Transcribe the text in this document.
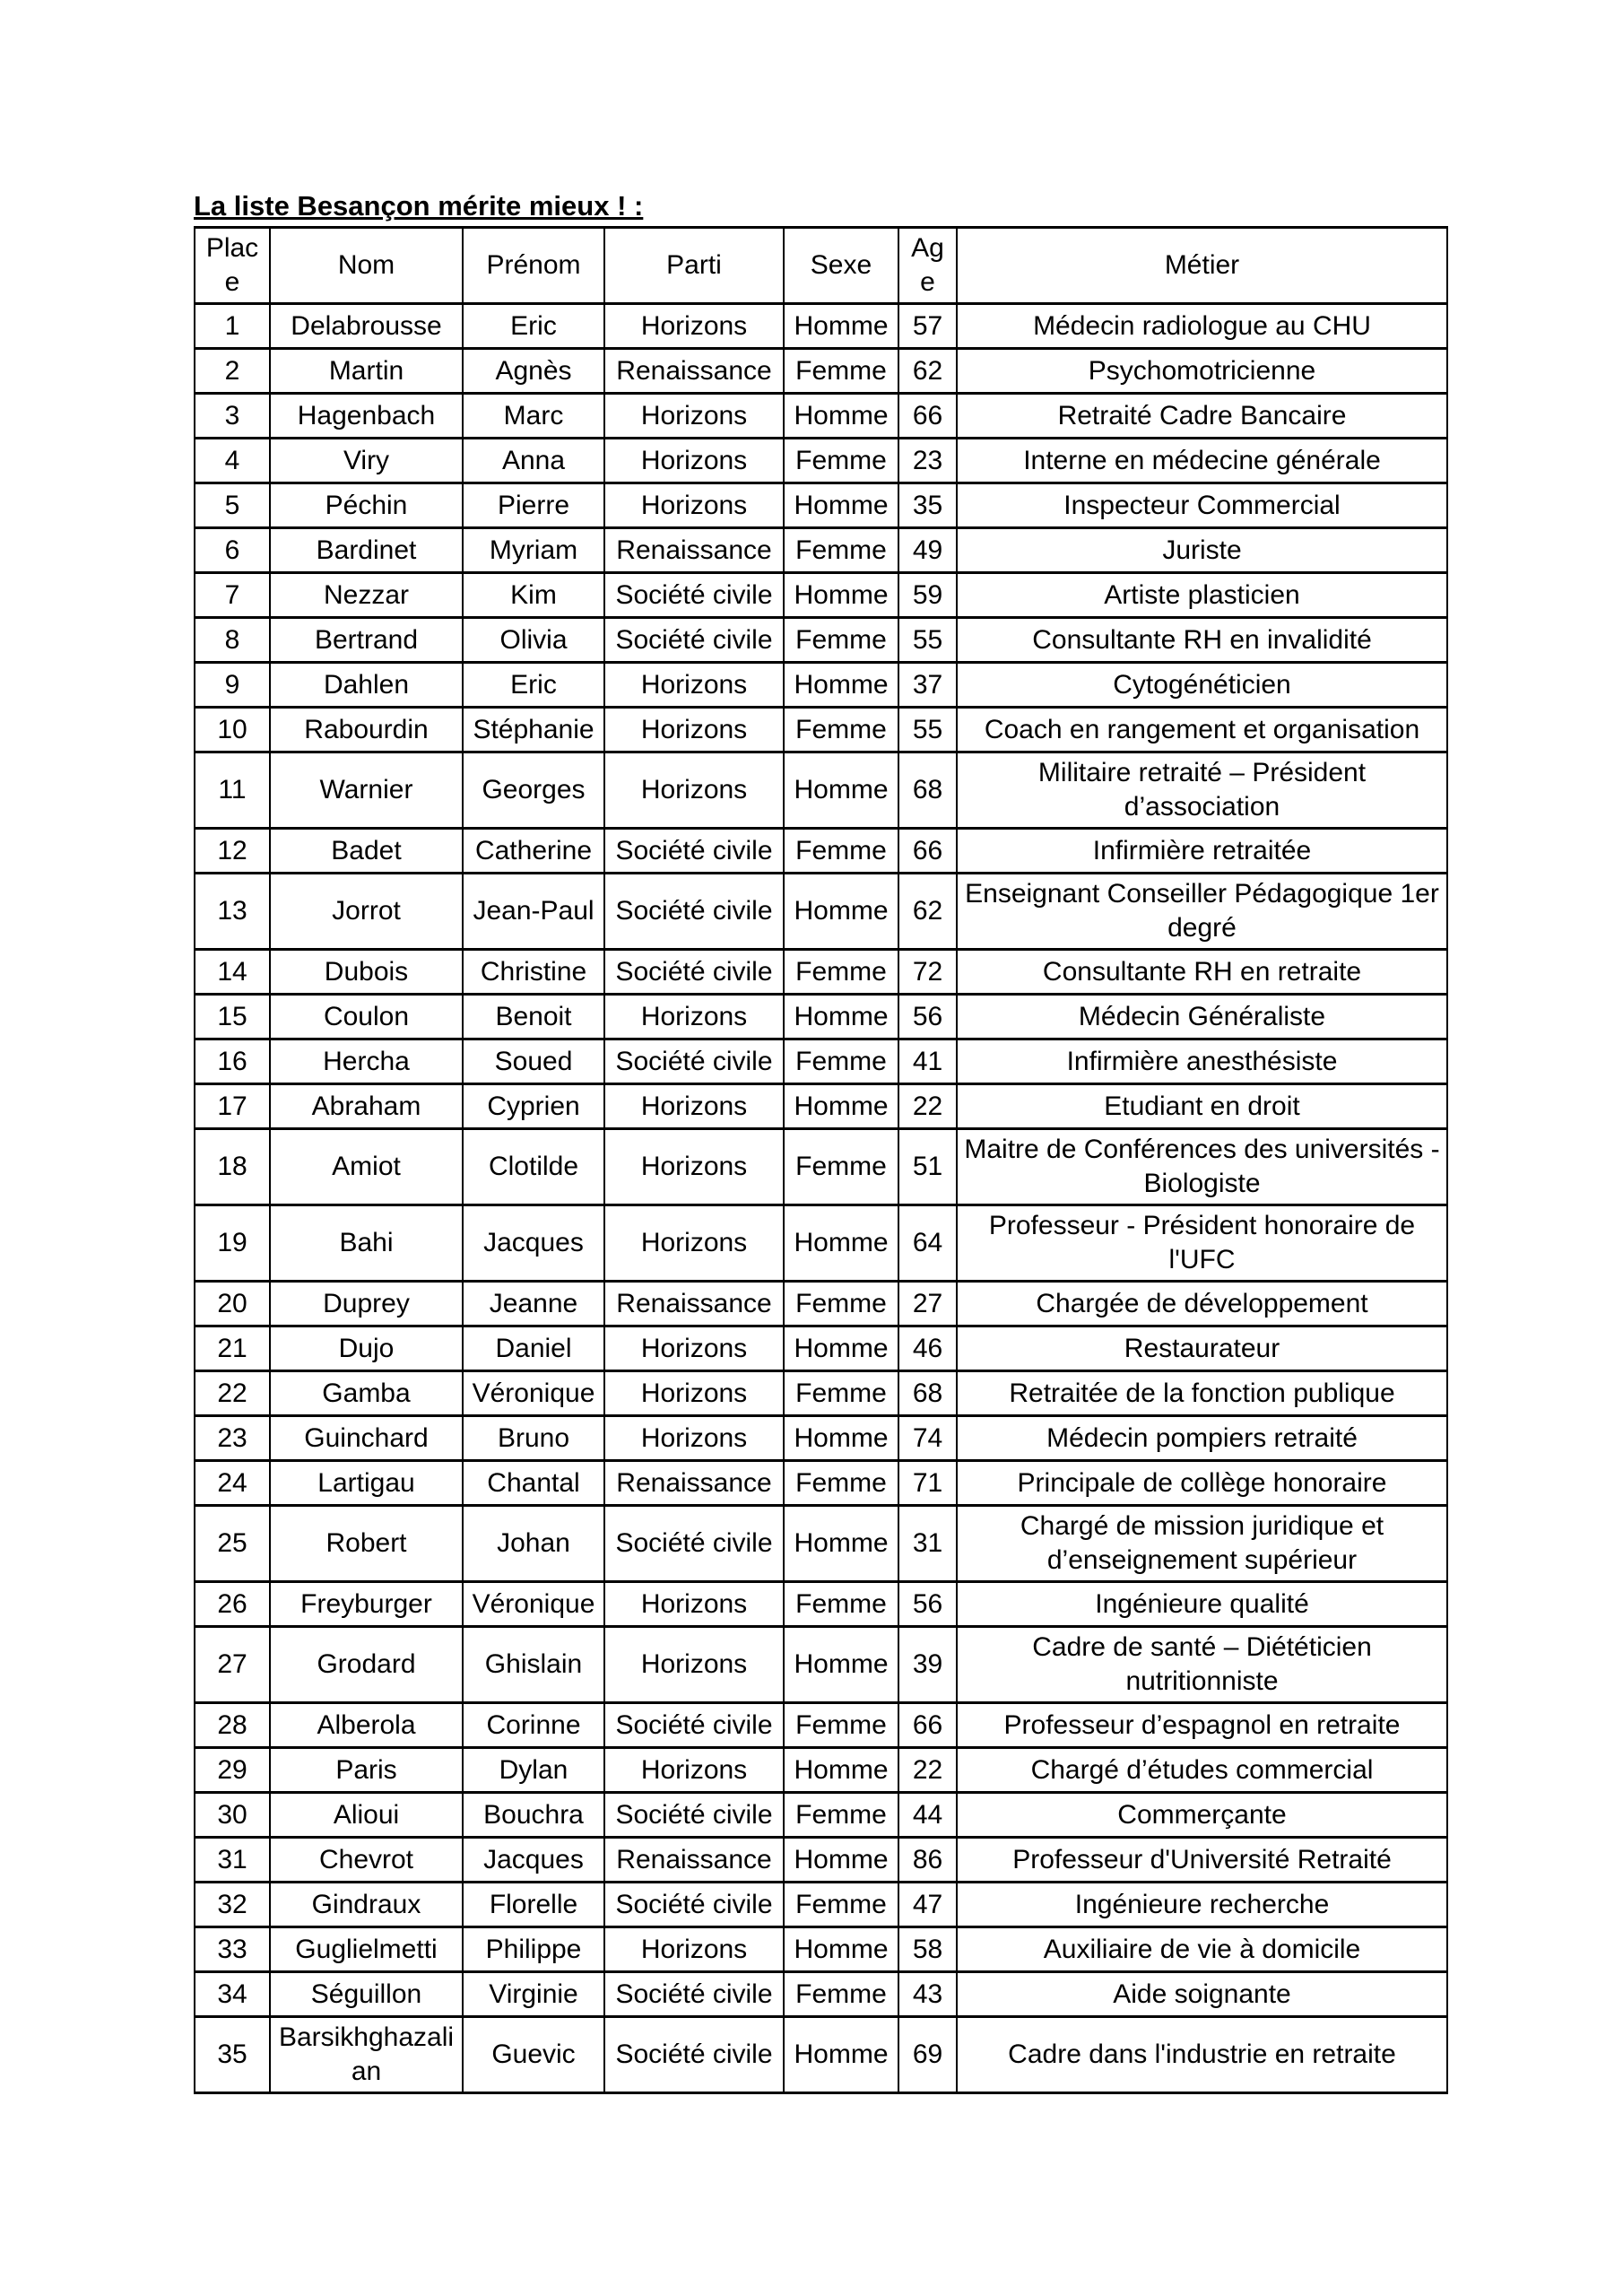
La liste Besançon mérite mieux ! :

Place	Nom	Prénom	Parti	Sexe	Age	Métier
1	Delabrousse	Eric	Horizons	Homme	57	Médecin radiologue au CHU
2	Martin	Agnès	Renaissance	Femme	62	Psychomotricienne
3	Hagenbach	Marc	Horizons	Homme	66	Retraité Cadre Bancaire
4	Viry	Anna	Horizons	Femme	23	Interne en médecine générale
5	Péchin	Pierre	Horizons	Homme	35	Inspecteur Commercial
6	Bardinet	Myriam	Renaissance	Femme	49	Juriste
7	Nezzar	Kim	Société civile	Homme	59	Artiste plasticien
8	Bertrand	Olivia	Société civile	Femme	55	Consultante RH en invalidité
9	Dahlen	Eric	Horizons	Homme	37	Cytogénéticien
10	Rabourdin	Stéphanie	Horizons	Femme	55	Coach en rangement et organisation
11	Warnier	Georges	Horizons	Homme	68	Militaire retraité – Président d’association
12	Badet	Catherine	Société civile	Femme	66	Infirmière retraitée
13	Jorrot	Jean-Paul	Société civile	Homme	62	Enseignant Conseiller Pédagogique 1er degré
14	Dubois	Christine	Société civile	Femme	72	Consultante RH en retraite
15	Coulon	Benoit	Horizons	Homme	56	Médecin Généraliste
16	Hercha	Soued	Société civile	Femme	41	Infirmière anesthésiste
17	Abraham	Cyprien	Horizons	Homme	22	Etudiant en droit
18	Amiot	Clotilde	Horizons	Femme	51	Maitre de Conférences des universités - Biologiste
19	Bahi	Jacques	Horizons	Homme	64	Professeur - Président honoraire de l'UFC
20	Duprey	Jeanne	Renaissance	Femme	27	Chargée de développement
21	Dujo	Daniel	Horizons	Homme	46	Restaurateur
22	Gamba	Véronique	Horizons	Femme	68	Retraitée de la fonction publique
23	Guinchard	Bruno	Horizons	Homme	74	Médecin pompiers retraité
24	Lartigau	Chantal	Renaissance	Femme	71	Principale de collège honoraire
25	Robert	Johan	Société civile	Homme	31	Chargé de mission juridique et d’enseignement supérieur
26	Freyburger	Véronique	Horizons	Femme	56	Ingénieure qualité
27	Grodard	Ghislain	Horizons	Homme	39	Cadre de santé – Diététicien nutritionniste
28	Alberola	Corinne	Société civile	Femme	66	Professeur d’espagnol en retraite
29	Paris	Dylan	Horizons	Homme	22	Chargé d’études commercial
30	Alioui	Bouchra	Société civile	Femme	44	Commerçante
31	Chevrot	Jacques	Renaissance	Homme	86	Professeur d'Université Retraité
32	Gindraux	Florelle	Société civile	Femme	47	Ingénieure recherche
33	Guglielmetti	Philippe	Horizons	Homme	58	Auxiliaire de vie à domicile
34	Séguillon	Virginie	Société civile	Femme	43	Aide soignante
35	Barsikhghazalian	Guevic	Société civile	Homme	69	Cadre dans l'industrie en retraite
